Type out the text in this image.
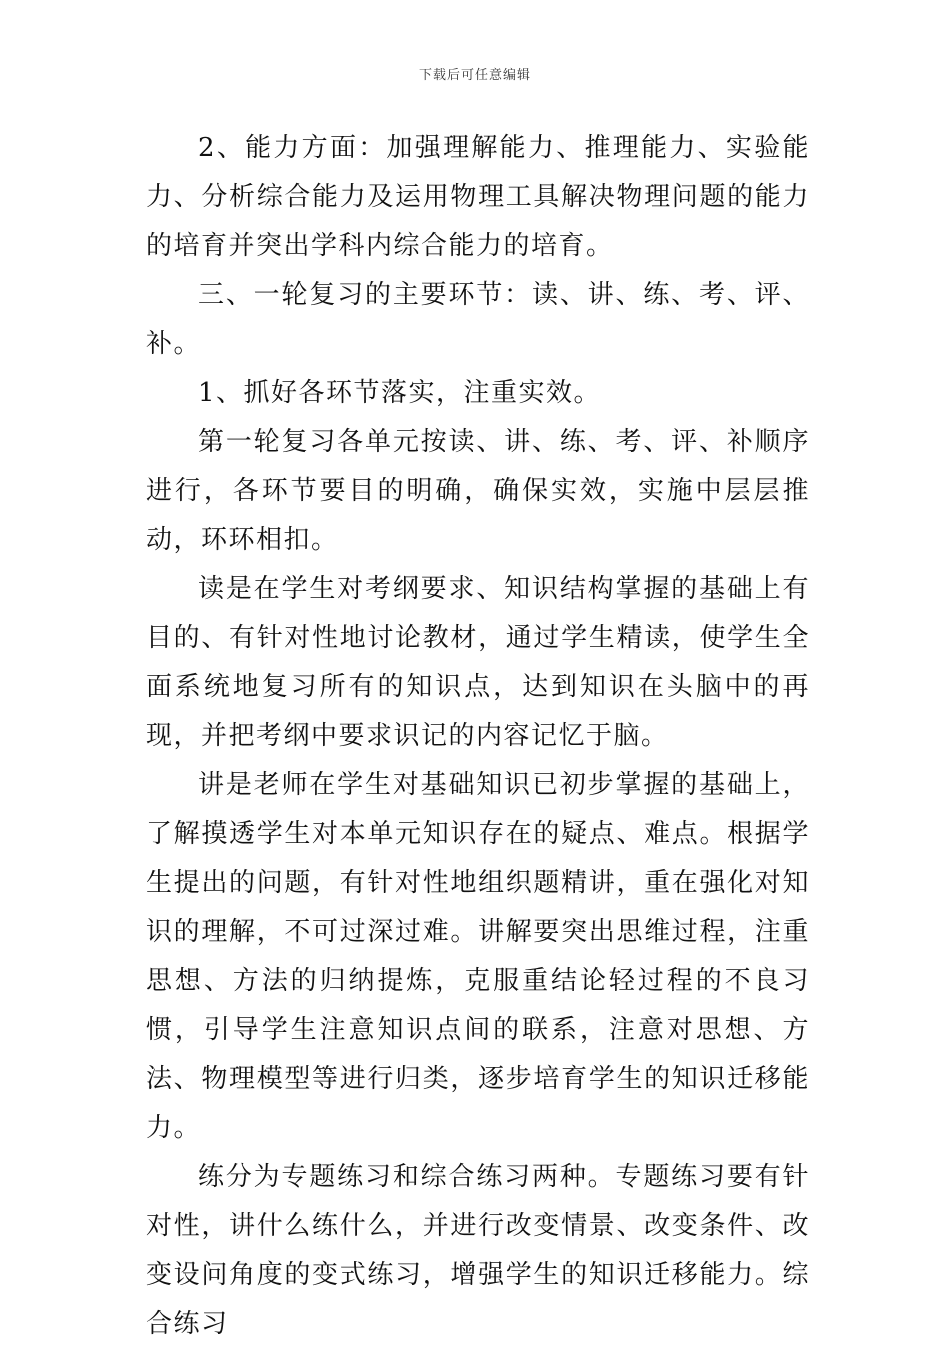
下载后可任意编辑

2、能力方面：加强理解能力、推理能力、实验能力、分析综合能力及运用物理工具解决物理问题的能力的培育并突出学科内综合能力的培育。

三、一轮复习的主要环节：读、讲、练、考、评、补。

1、抓好各环节落实，注重实效。

第一轮复习各单元按读、讲、练、考、评、补顺序进行，各环节要目的明确，确保实效，实施中层层推动，环环相扣。

读是在学生对考纲要求、知识结构掌握的基础上有目的、有针对性地讨论教材，通过学生精读，使学生全面系统地复习所有的知识点，达到知识在头脑中的再现，并把考纲中要求识记的内容记忆于脑。

讲是老师在学生对基础知识已初步掌握的基础上，了解摸透学生对本单元知识存在的疑点、难点。根据学生提出的问题，有针对性地组织题精讲，重在强化对知识的理解，不可过深过难。讲解要突出思维过程，注重思想、方法的归纳提炼，克服重结论轻过程的不良习惯，引导学生注意知识点间的联系，注意对思想、方法、物理模型等进行归类，逐步培育学生的知识迁移能力。

练分为专题练习和综合练习两种。专题练习要有针对性，讲什么练什么，并进行改变情景、改变条件、改变设问角度的变式练习，增强学生的知识迁移能力。综合练习
